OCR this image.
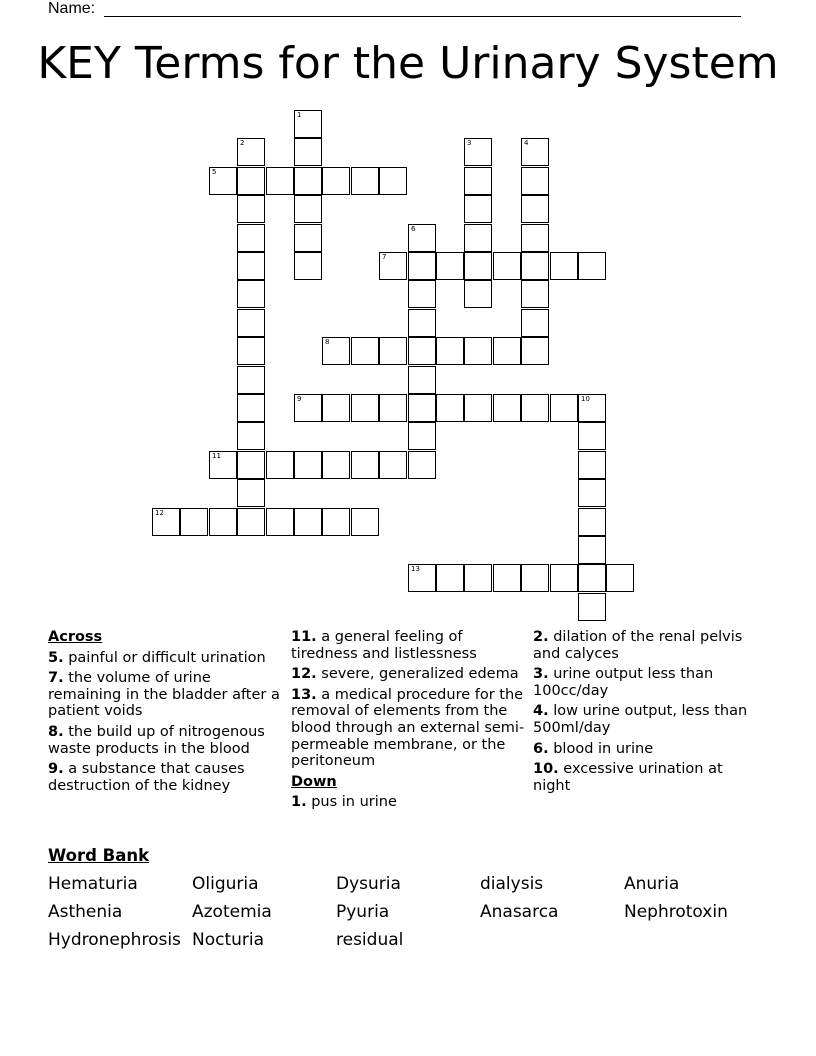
Name:
KEY Terms for the Urinary System
1
2	3	4
5
6
7
8
9	10
11
12
13
Across

5. painful or difficult urination

7. the volume of urine remaining in the bladder after a patient voids

8. the build up of nitrogenous waste products in the blood

9. a substance that causes destruction of the kidney

11. a general feeling of tiredness and listlessness

12. severe, generalized edema

13. a medical procedure for the removal of elements from the blood through an external semi-permeable membrane, or the peritoneum

Down

1. pus in urine

2. dilation of the renal pelvis and calyces

3. urine output less than 100cc/day

4. low urine output, less than 500ml/day

6. blood in urine

10. excessive urination at night

Word Bank
Hematuria	Oliguria	Dysuria	dialysis	Anuria
Asthenia	Azotemia	Pyuria	Anasarca	Nephrotoxin
Hydronephrosis Nocturia	residual
